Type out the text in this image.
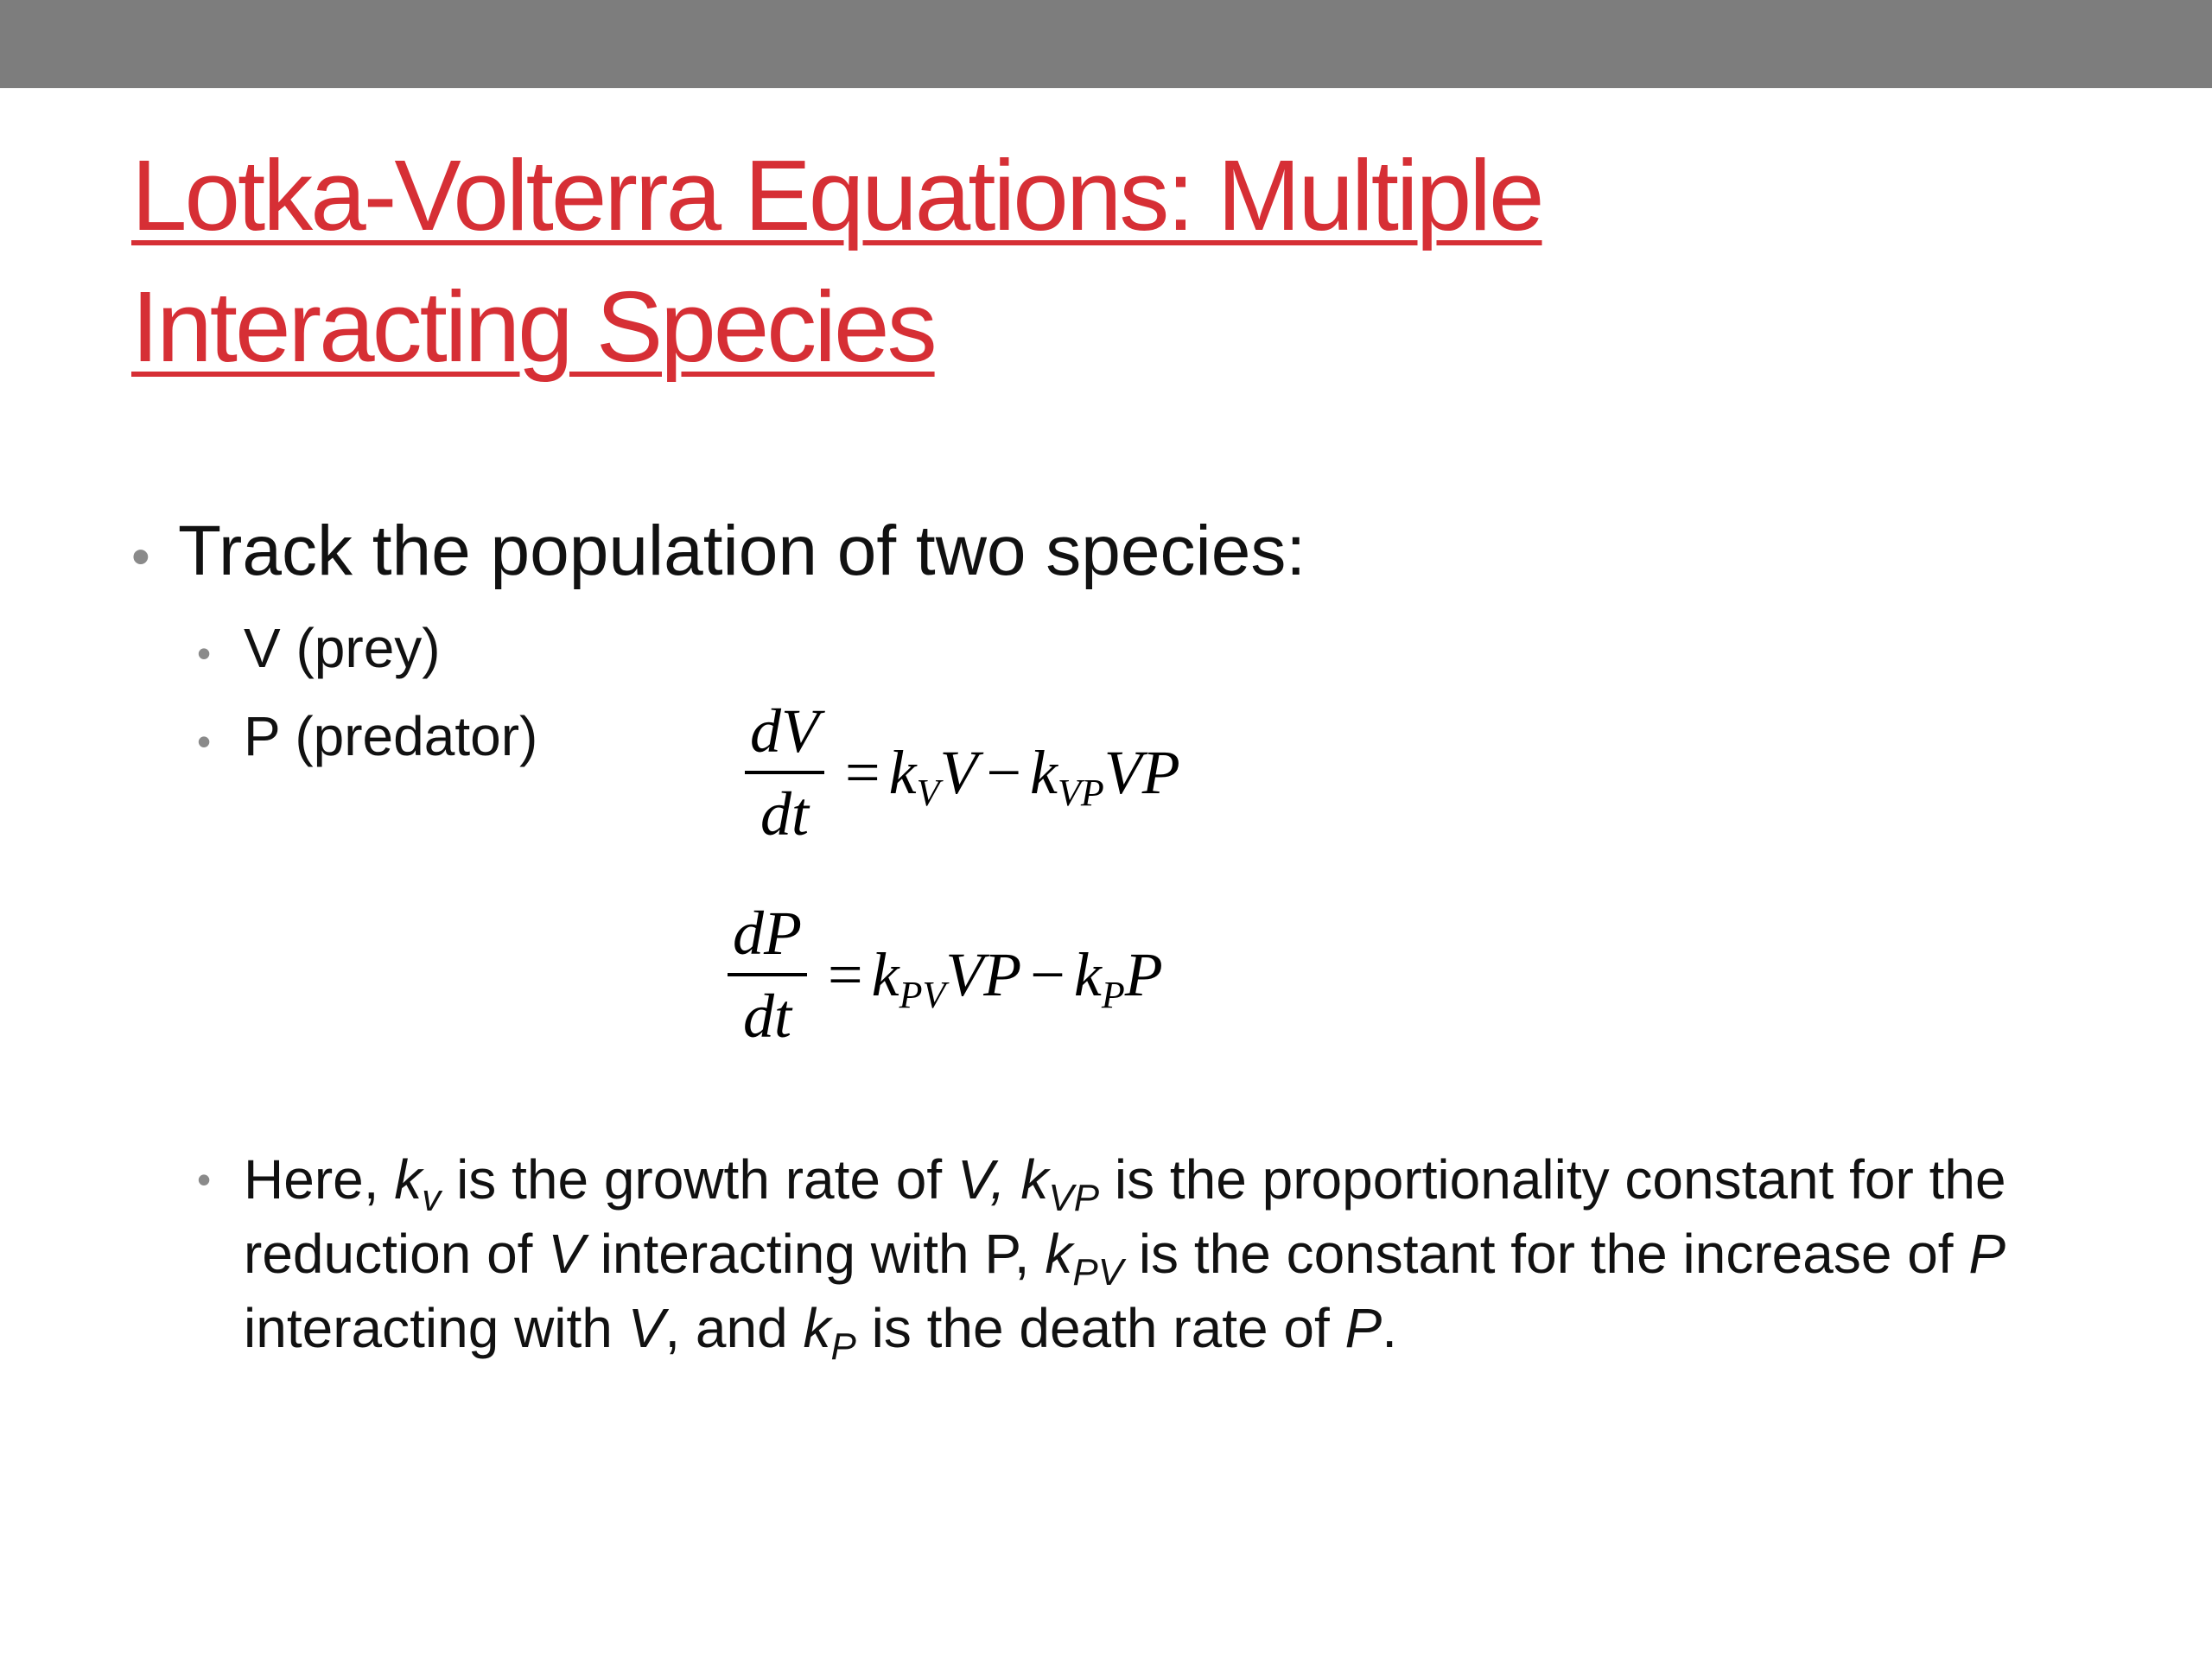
Lotka-Volterra Equations: Multiple
Interacting Species
• Track the population of two species:
• V (prey)
• P (predator)	$\frac{dV}{dt} = k_VV - k_{VP}VP$
$\frac{dP}{dt} = k_{PV}VP - k_PP$
• Here, $k_v$ is the growth rate of V, $k_{VP}$ is the proportionality constant for the reduction of V interacting with P, $k_{PV}$ is the constant for the increase of P interacting with V, and $k_P$ is the death rate of P.
